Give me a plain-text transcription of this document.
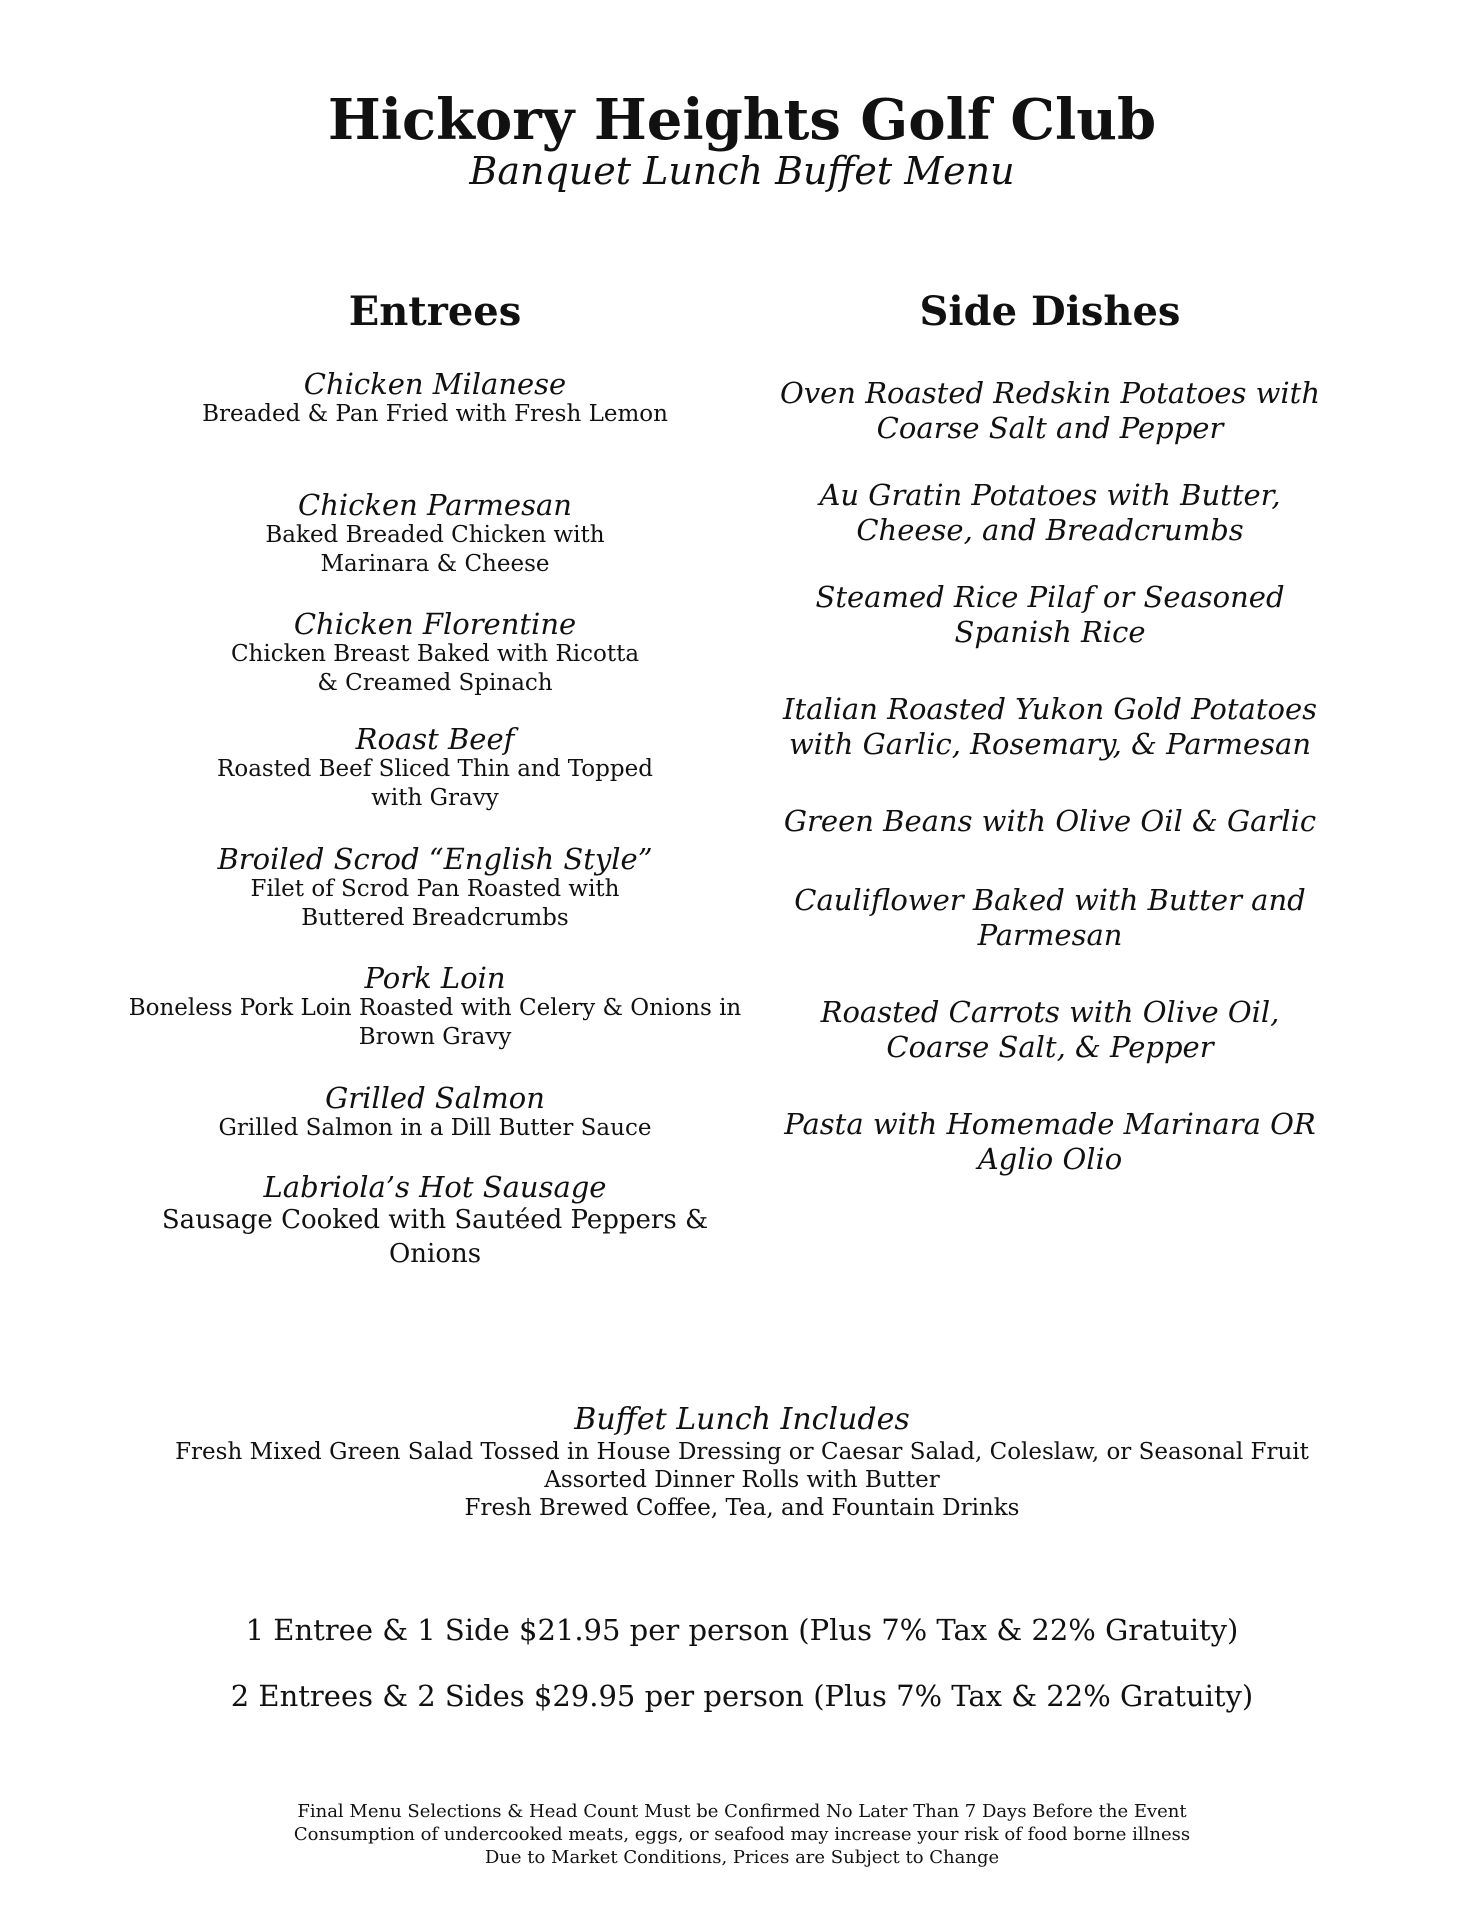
Hickory Heights Golf Club
Banquet Lunch Buffet Menu
Entrees
Chicken Milanese
Breaded & Pan Fried with Fresh Lemon
Chicken Parmesan
Baked Breaded Chicken with Marinara & Cheese
Chicken Florentine
Chicken Breast Baked with Ricotta & Creamed Spinach
Roast Beef
Roasted Beef Sliced Thin and Topped with Gravy
Broiled Scrod “English Style”
Filet of Scrod Pan Roasted with Buttered Breadcrumbs
Pork Loin
Boneless Pork Loin Roasted with Celery & Onions in Brown Gravy
Grilled Salmon
Grilled Salmon in a Dill Butter Sauce
Labriola’s Hot Sausage
Sausage Cooked with Sautéed Peppers & Onions
Side Dishes

Oven Roasted Redskin Potatoes with Coarse Salt and Pepper

Au Gratin Potatoes with Butter, Cheese, and Breadcrumbs

Steamed Rice Pilaf or Seasoned Spanish Rice

Italian Roasted Yukon Gold Potatoes with Garlic, Rosemary, & Parmesan

Green Beans with Olive Oil & Garlic

Cauliflower Baked with Butter and Parmesan

Roasted Carrots with Olive Oil, Coarse Salt, & Pepper

Pasta with Homemade Marinara OR Aglio Olio

Buffet Lunch Includes
Fresh Mixed Green Salad Tossed in House Dressing or Caesar Salad, Coleslaw, or Seasonal Fruit
Assorted Dinner Rolls with Butter
Fresh Brewed Coffee, Tea, and Fountain Drinks
1 Entree & 1 Side $21.95 per person (Plus 7% Tax & 22% Gratuity)
2 Entrees & 2 Sides $29.95 per person (Plus 7% Tax & 22% Gratuity)
Final Menu Selections & Head Count Must be Confirmed No Later Than 7 Days Before the Event
Consumption of undercooked meats, eggs, or seafood may increase your risk of food borne illness
Due to Market Conditions, Prices are Subject to Change
